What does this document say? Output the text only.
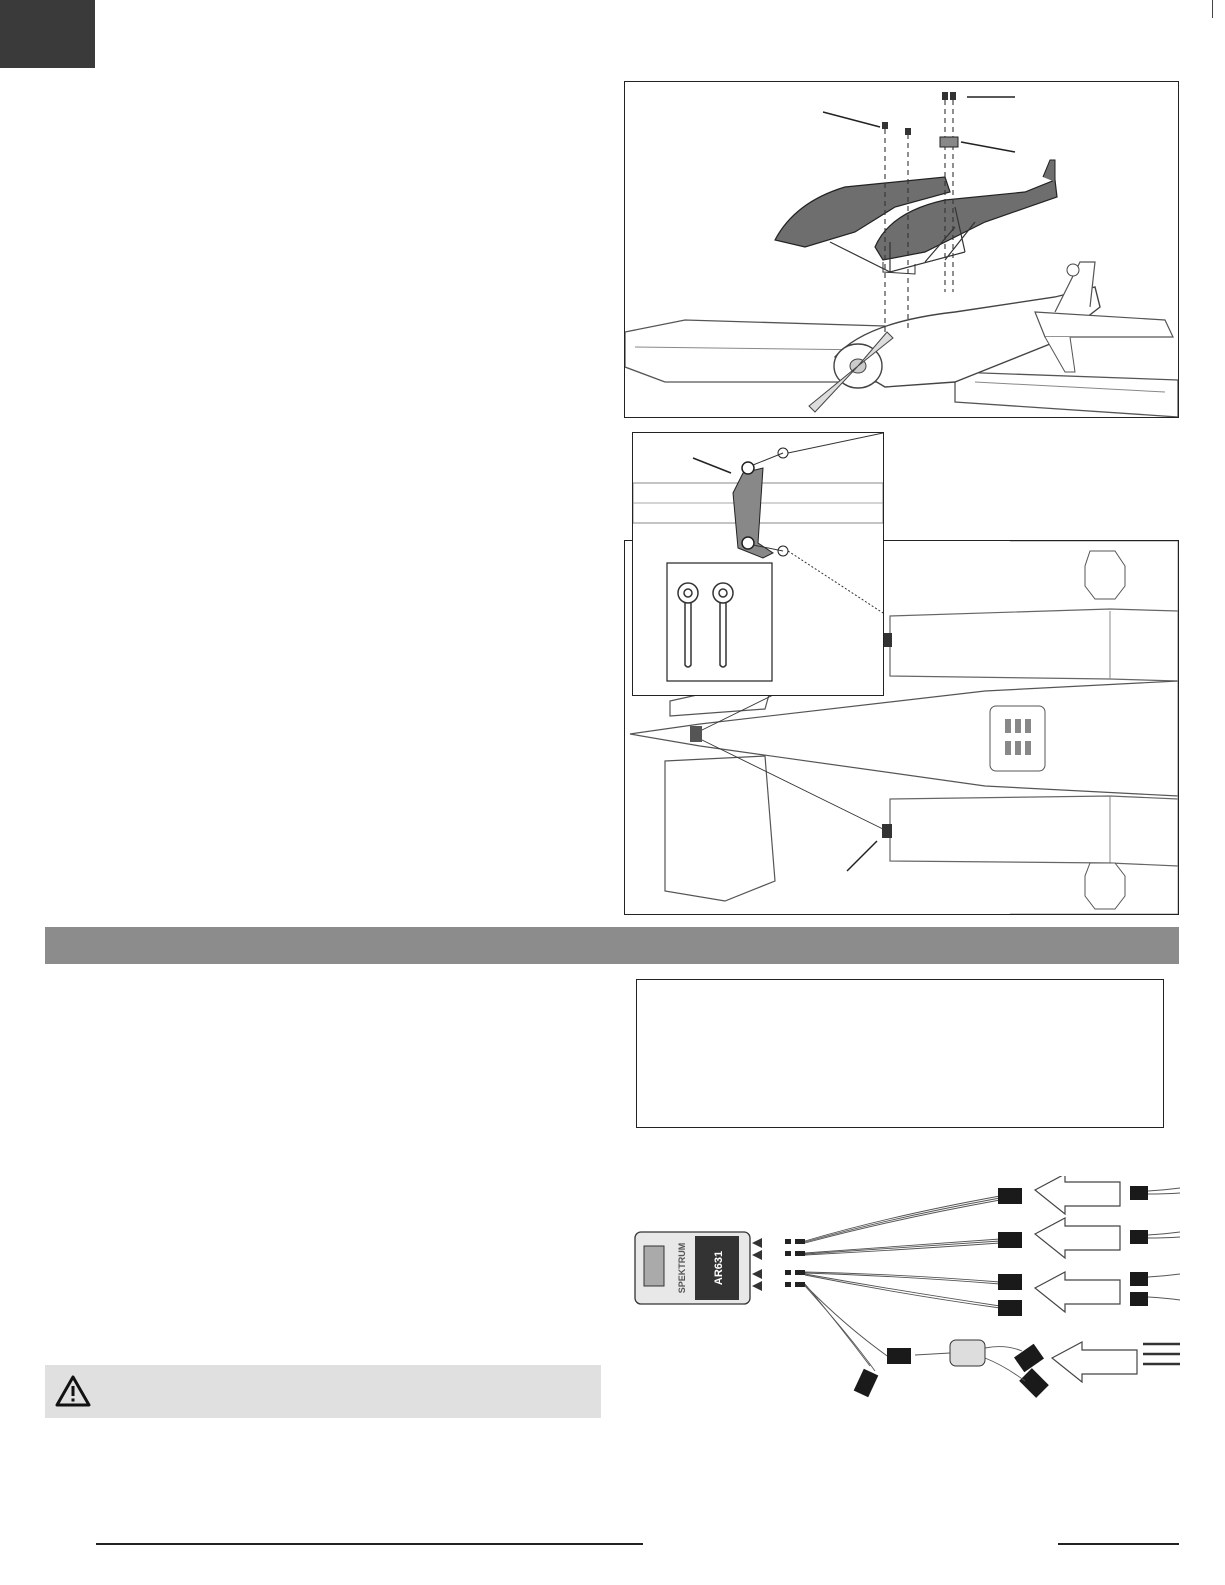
AR631
SPEKTRUM
